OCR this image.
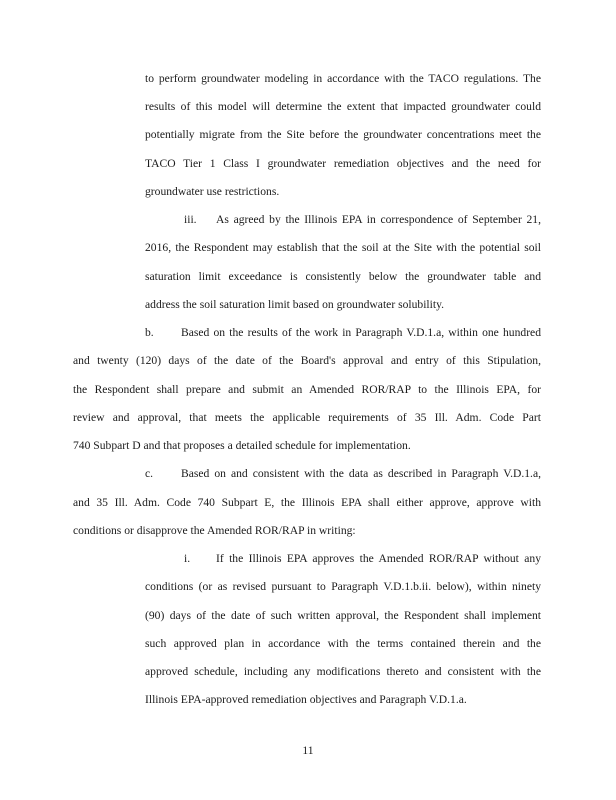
to perform groundwater modeling in accordance with the TACO regulations. The
results of this model will determine the extent that impacted groundwater could
potentially migrate from the Site before the groundwater concentrations meet the
TACO Tier 1 Class I groundwater remediation objectives and the need for
groundwater use restrictions.
iii. As agreed by the Illinois EPA in correspondence of September 21,
2016, the Respondent may establish that the soil at the Site with the potential soil
saturation limit exceedance is consistently below the groundwater table and
address the soil saturation limit based on groundwater solubility.
b. Based on the results of the work in Paragraph V.D.1.a, within one hundred
and twenty (120) days of the date of the Board's approval and entry of this Stipulation,
the Respondent shall prepare and submit an Amended ROR/RAP to the Illinois EPA, for
review and approval, that meets the applicable requirements of 35 Ill. Adm. Code Part
740 Subpart D and that proposes a detailed schedule for implementation.
c. Based on and consistent with the data as described in Paragraph V.D.1.a,
and 35 Ill. Adm. Code 740 Subpart E, the Illinois EPA shall either approve, approve with
conditions or disapprove the Amended ROR/RAP in writing:
i. If the Illinois EPA approves the Amended ROR/RAP without any
conditions (or as revised pursuant to Paragraph V.D.1.b.ii. below), within ninety
(90) days of the date of such written approval, the Respondent shall implement
such approved plan in accordance with the terms contained therein and the
approved schedule, including any modifications thereto and consistent with the
Illinois EPA-approved remediation objectives and Paragraph V.D.1.a.
11
